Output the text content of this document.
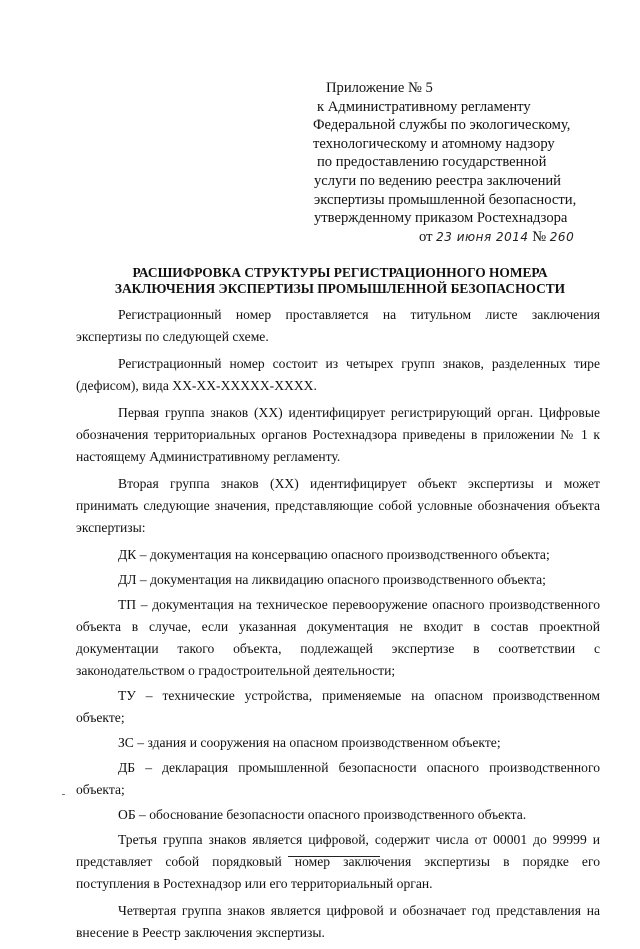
Приложение № 5
к Административному регламенту
Федеральной службы по экологическому,
технологическому и атомному надзору
по предоставлению государственной
услуги по ведению реестра заключений
экспертизы промышленной безопасности,
утвержденному приказом Ростехнадзора
от 23 июня 2014 № 260
РАСШИФРОВКА СТРУКТУРЫ РЕГИСТРАЦИОННОГО НОМЕРА
ЗАКЛЮЧЕНИЯ ЭКСПЕРТИЗЫ ПРОМЫШЛЕННОЙ БЕЗОПАСНОСТИ

Регистрационный номер проставляется на титульном листе заключения экспертизы по следующей схеме.

Регистрационный номер состоит из четырех групп знаков, разделенных тире (дефисом), вида ХХ-ХХ-ХХХХХ-ХХХХ.

Первая группа знаков (ХХ) идентифицирует регистрирующий орган. Цифровые обозначения территориальных органов Ростехнадзора приведены в приложении № 1 к настоящему Административному регламенту.

Вторая группа знаков (ХХ) идентифицирует объект экспертизы и может принимать следующие значения, представляющие собой условные обозначения объекта экспертизы:

ДК – документация на консервацию опасного производственного объекта;

ДЛ – документация на ликвидацию опасного производственного объекта;

ТП – документация на техническое перевооружение опасного производственного объекта в случае, если указанная документация не входит в состав проектной документации такого объекта, подлежащей экспертизе в соответствии с законодательством о градостроительной деятельности;

ТУ – технические устройства, применяемые на опасном производственном объекте;

ЗС – здания и сооружения на опасном производственном объекте;

ДБ – декларация промышленной безопасности опасного производственного объекта;

ОБ – обоснование безопасности опасного производственного объекта.

Третья группа знаков является цифровой, содержит числа от 00001 до 99999 и представляет собой порядковый номер заключения экспертизы в порядке его поступления в Ростехнадзор или его территориальный орган.

Четвертая группа знаков является цифровой и обозначает год представления на внесение в Реестр заключения экспертизы.
